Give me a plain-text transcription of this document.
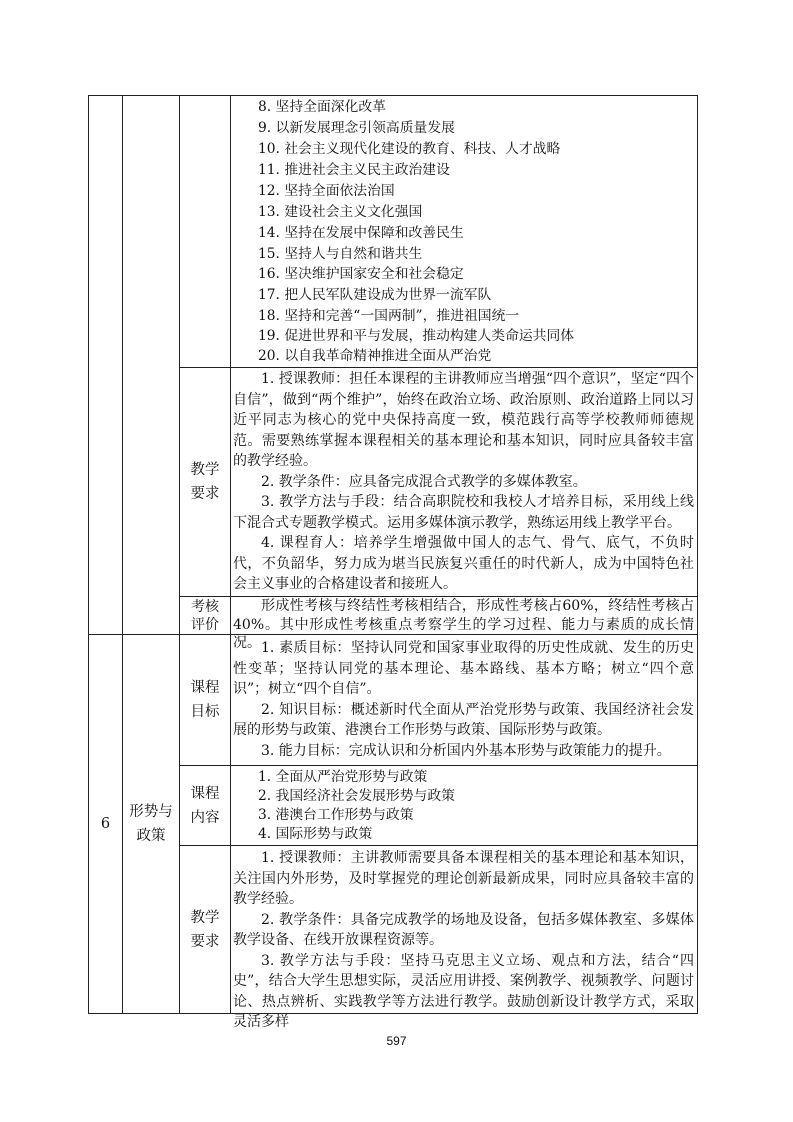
8. 坚持全面深化改革
9. 以新发展理念引领高质量发展
10. 社会主义现代化建设的教育、科技、人才战略
11. 推进社会主义民主政治建设
12. 坚持全面依法治国
13. 建设社会主义文化强国
14. 坚持在发展中保障和改善民生
15. 坚持人与自然和谐共生
16. 坚决维护国家安全和社会稳定
17. 把人民军队建设成为世界一流军队
18. 坚持和完善“一国两制”，推进祖国统一
19. 促进世界和平与发展，推动构建人类命运共同体
20. 以自我革命精神推进全面从严治党
教学
要求

1. 授课教师：担任本课程的主讲教师应当增强“四个意识”，坚定“四个自信”，做到“两个维护”，始终在政治立场、政治原则、政治道路上同以习近平同志为核心的党中央保持高度一致，模范践行高等学校教师师德规范。需要熟练掌握本课程相关的基本理论和基本知识，同时应具备较丰富的教学经验。

2. 教学条件：应具备完成混合式教学的多媒体教室。

3. 教学方法与手段：结合高职院校和我校人才培养目标，采用线上线下混合式专题教学模式。运用多媒体演示教学，熟练运用线上教学平台。

4. 课程育人：培养学生增强做中国人的志气、骨气、底气，不负时代，不负韶华，努力成为堪当民族复兴重任的时代新人，成为中国特色社会主义事业的合格建设者和接班人。

考核
评价

形成性考核与终结性考核相结合，形成性考核占60%，终结性考核占40%。其中形成性考核重点考察学生的学习过程、能力与素质的成长情况。

6
形势与
政策
课程
目标

1. 素质目标：坚持认同党和国家事业取得的历史性成就、发生的历史性变革；坚持认同党的基本理论、基本路线、基本方略；树立“四个意识”；树立“四个自信”。

2. 知识目标：概述新时代全面从严治党形势与政策、我国经济社会发展的形势与政策、港澳台工作形势与政策、国际形势与政策。

3. 能力目标：完成认识和分析国内外基本形势与政策能力的提升。

课程
内容
1. 全面从严治党形势与政策
2. 我国经济社会发展形势与政策
3. 港澳台工作形势与政策
4. 国际形势与政策
教学
要求

1. 授课教师：主讲教师需要具备本课程相关的基本理论和基本知识，关注国内外形势，及时掌握党的理论创新最新成果，同时应具备较丰富的教学经验。

2. 教学条件：具备完成教学的场地及设备，包括多媒体教室、多媒体教学设备、在线开放课程资源等。

3. 教学方法与手段：坚持马克思主义立场、观点和方法，结合“四史”，结合大学生思想实际，灵活应用讲授、案例教学、视频教学、问题讨论、热点辨析、实践教学等方法进行教学。鼓励创新设计教学方式，采取灵活多样

597
